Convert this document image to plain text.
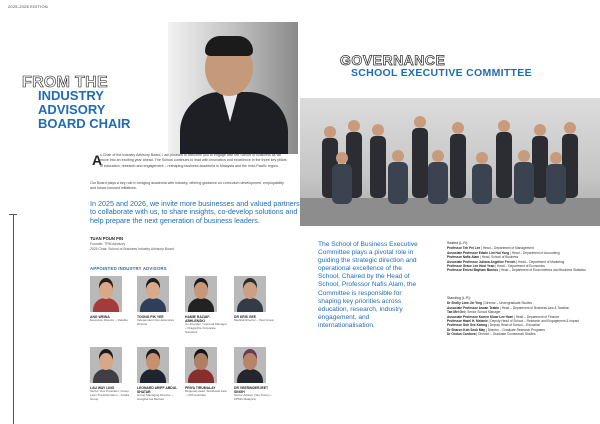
2025-2026 EDITION
FROM THE
INDUSTRY
ADVISORY
BOARD CHAIR
A
s Chair of the Industry Advisory Board, I am pleased to welcome you to engage with the School of Business as we move into an exciting year ahead. The School continues to lead with innovation and excellence in the three key pillars of education, research and engagement – reshaping business academia in Malaysia and the Indo-Pacific region.
Our Board plays a key role in bridging academia with industry, offering guidance on curriculum development, employability and future-focused initiatives.
In 2025 and 2026, we invite more businesses and valued partners to collaborate with us, to share insights, co-develop solutions and help prepare the next generation of business leaders.
TUAN POUN PIN
Founder, TPM Advisory
2025 Chair, School of Business Industry Advisory Board
APPOINTED INDUSTRY ADVISORS
ANG WEINA
Executive Director – Deloitte
TOONG PIK YEE
Independent Non-Executive Director
HAMIE RAZAIF-ABHLENSKI
Co-Founder / General Manager – Dragonfire Corporate Solutions
DR KRIS GEE
Medical Director – Vast Group
LAU WAY LING
Senior Vice President, Group Lean Transformation – Axiata Group
LEONARD ARIFF ABDUL SHATAR
Group Managing Director – Guoghai Isa Berhad
PRIYA TIRUMALAY
Regional Head, Southeast Asia – CPA Australia
DR VEERINDERJEET SINGH
Senior Advisor (Tax Policy) – KPMG Malaysia
GOVERNANCE
SCHOOL EXECUTIVE COMMITTEE
The School of Business Executive Committee plays a pivotal role in guiding the strategic direction and operational excellence of the School. Chaired by the Head of School, Professor Nafis Alam, the Committee is responsible for shaping key priorities across education, research, industry engagement, and internationalisation.
Seated (L-R):

Professor Teh Pei Lee | Head – Department of Management

Associate Professor Edwin Lim Hui Yong | Head – Department of Accounting

Professor Nafis Alam | Head, School of Business

Associate Professor Juliana Angeline French | Head – Department of Marketing

Professor Grace Lee Hooi Yean | Head – Department of Economics

Professor Ernest Bayham Barrios | Head – Department of Econometrics and Business Statistics

Standing (L-R):

Dr Shelly Liew Jin Ying | Director – Undergraduate Studies

Associate Professor Arwan Teakin | Head – Department of Business Law & Taxation

Tan Mei Gei | Senior School Manager

Associate Professor Karren Khaw Lee Hwei | Head – Department of Finance

Professor Hazel H. Melanie | Deputy Head of School – Research and Engagement & Impact

Professor Goh See Kwong | Deputy Head of School – Education

Dr Sharon Koh Seok May | Director – Graduate Research Programs

Dr Ondun Cordova | Director – Graduate Coursework Studies
